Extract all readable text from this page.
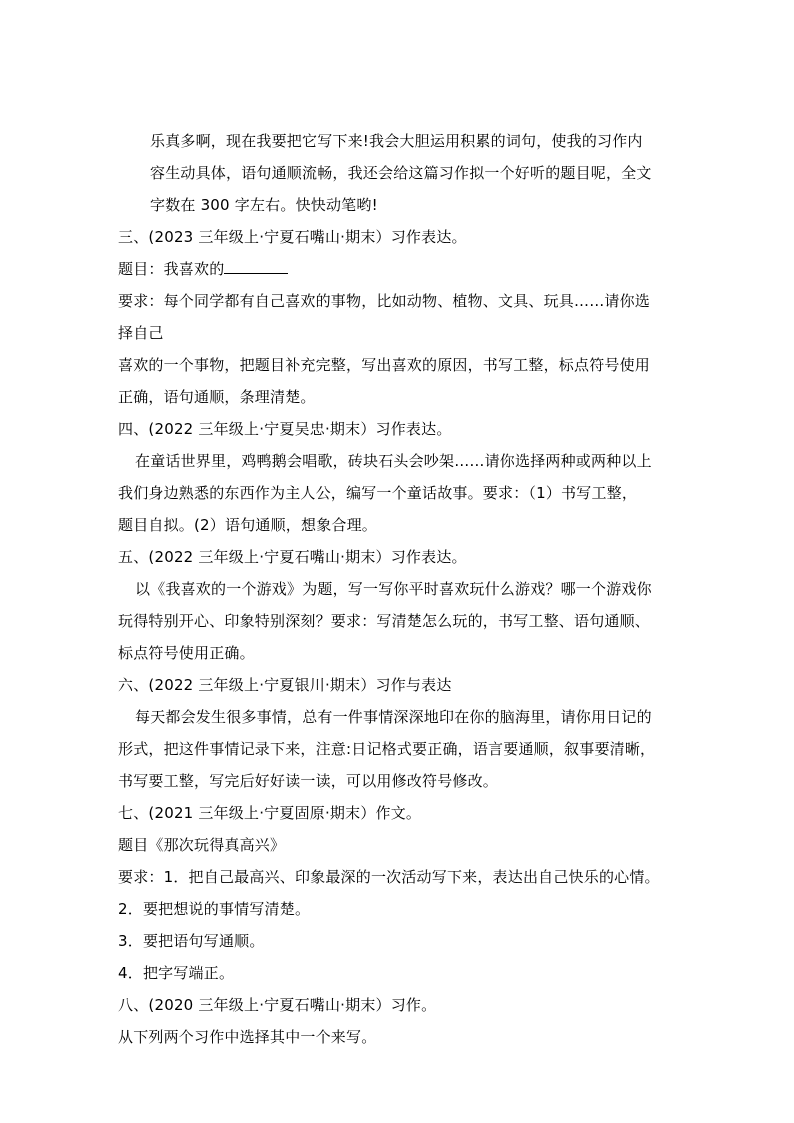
乐真多啊，现在我要把它写下来!我会大胆运用积累的词句，使我的习作内
容生动具体，语句通顺流畅，我还会给这篇习作拟一个好听的题目呢，全文
字数在 300 字左右。快快动笔哟!
三、(2023 三年级上·宁夏石嘴山·期末）习作表达。
题目：我喜欢的
要求：每个同学都有自己喜欢的事物，比如动物、植物、文具、玩具……请你选
择自己
喜欢的一个事物，把题目补充完整，写出喜欢的原因，书写工整，标点符号使用
正确，语句通顺，条理清楚。
四、(2022 三年级上·宁夏吴忠·期末）习作表达。
在童话世界里，鸡鸭鹅会唱歌，砖块石头会吵架……请你选择两种或两种以上
我们身边熟悉的东西作为主人公，编写一个童话故事。要求：（1）书写工整，
题目自拟。(2）语句通顺，想象合理。
五、(2022 三年级上·宁夏石嘴山·期末）习作表达。
以《我喜欢的一个游戏》为题，写一写你平时喜欢玩什么游戏？哪一个游戏你
玩得特别开心、印象特别深刻？要求：写清楚怎么玩的，书写工整、语句通顺、
标点符号使用正确。
六、(2022 三年级上·宁夏银川·期末）习作与表达
每天都会发生很多事情，总有一件事情深深地印在你的脑海里，请你用日记的
形式，把这件事情记录下来，注意:日记格式要正确，语言要通顺，叙事要清晰，
书写要工整，写完后好好读一读，可以用修改符号修改。
七、(2021 三年级上·宁夏固原·期末）作文。
题目《那次玩得真高兴》
要求：1．把自己最高兴、印象最深的一次活动写下来，表达出自己快乐的心情。
2．要把想说的事情写清楚。
3．要把语句写通顺。
4．把字写端正。
八、(2020 三年级上·宁夏石嘴山·期末）习作。
从下列两个习作中选择其中一个来写。
